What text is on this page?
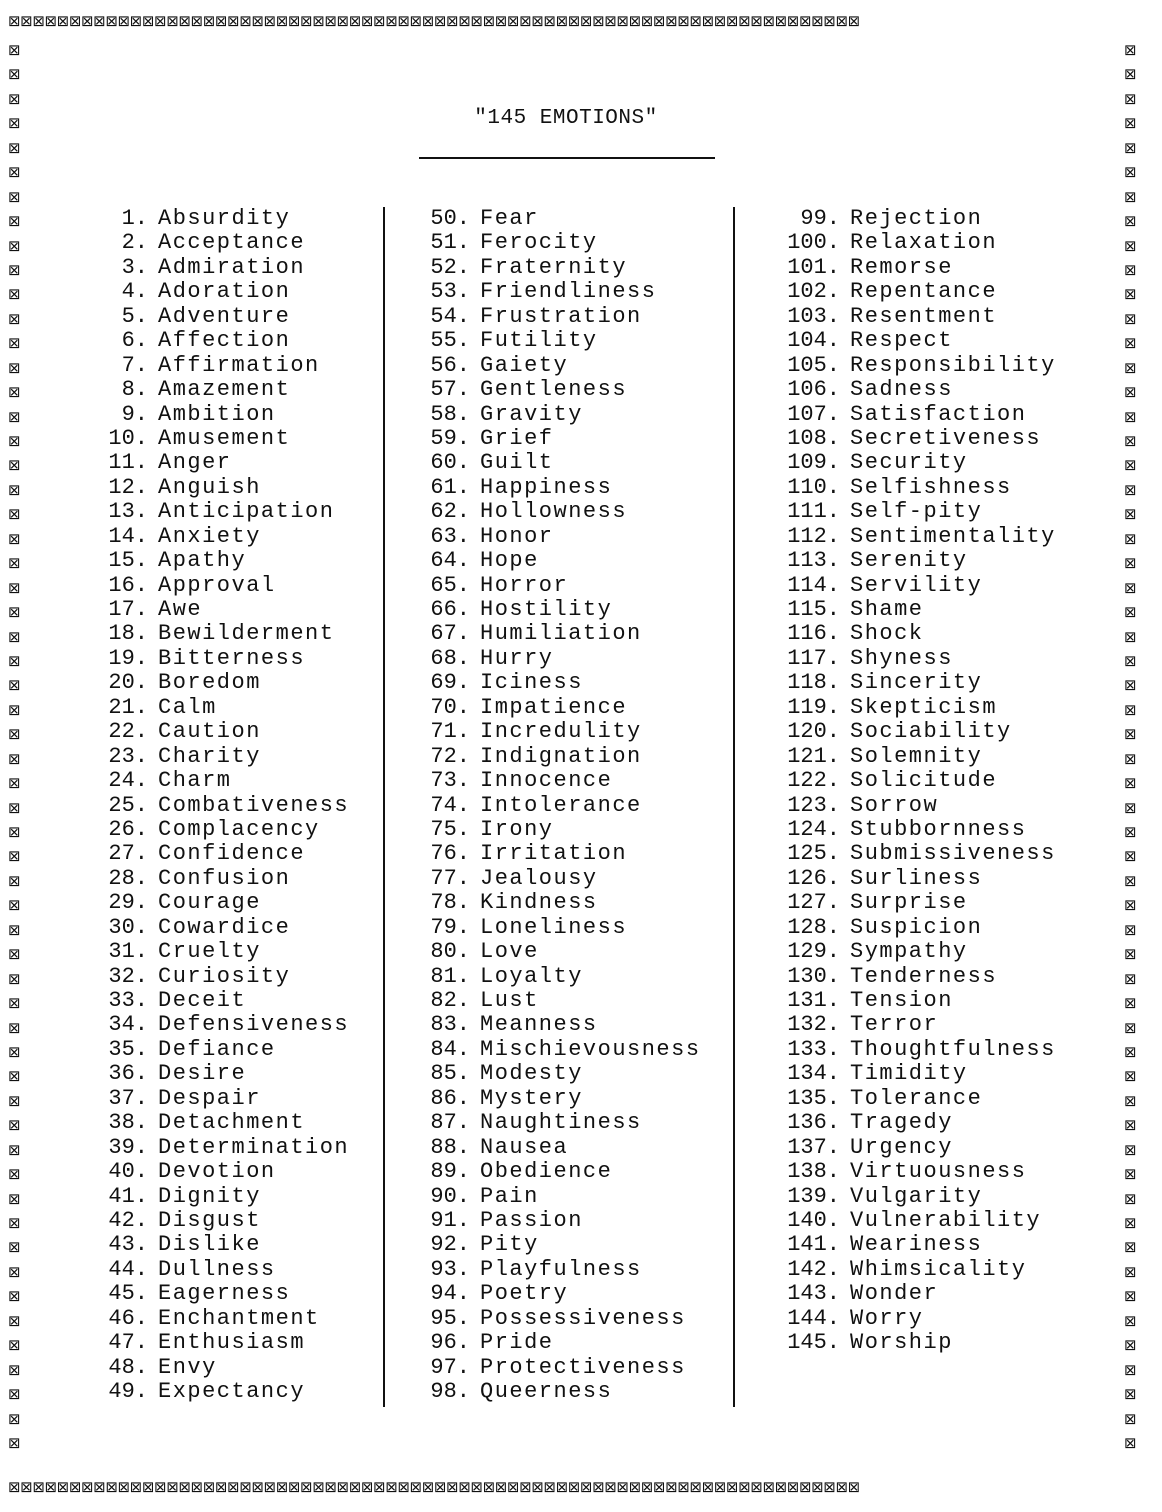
⊠⊠⊠⊠⊠⊠⊠⊠⊠⊠⊠⊠⊠⊠⊠⊠⊠⊠⊠⊠⊠⊠⊠⊠⊠⊠⊠⊠⊠⊠⊠⊠⊠⊠⊠⊠⊠⊠⊠⊠⊠⊠⊠⊠⊠⊠⊠⊠⊠⊠⊠⊠⊠⊠⊠⊠⊠⊠⊠⊠⊠⊠⊠⊠⊠⊠⊠⊠⊠⊠
⊠
⊠
⊠
⊠
⊠
⊠
⊠
⊠
⊠
⊠
⊠
⊠
⊠
⊠
⊠
⊠
⊠
⊠
⊠
⊠
⊠
⊠
⊠
⊠
⊠
⊠
⊠
⊠
⊠
⊠
⊠
⊠
⊠
⊠
⊠
⊠
⊠
⊠
⊠
⊠
⊠
⊠
⊠
⊠
⊠
⊠
⊠
⊠
⊠
⊠
⊠
⊠
⊠
⊠
⊠
⊠
⊠
⊠
⊠
⊠
⊠
⊠
⊠
⊠
⊠
⊠
⊠
⊠
⊠
⊠
⊠
⊠
⊠
⊠
⊠
⊠
⊠
⊠
⊠
⊠
⊠
⊠
⊠
⊠
⊠
⊠
⊠
⊠
⊠
⊠
⊠
⊠
⊠
⊠
⊠
⊠
⊠
⊠
⊠
⊠
⊠
⊠
⊠
⊠
⊠
⊠
⊠
⊠
⊠
⊠
⊠
⊠
⊠
⊠
⊠
⊠
⊠⊠⊠⊠⊠⊠⊠⊠⊠⊠⊠⊠⊠⊠⊠⊠⊠⊠⊠⊠⊠⊠⊠⊠⊠⊠⊠⊠⊠⊠⊠⊠⊠⊠⊠⊠⊠⊠⊠⊠⊠⊠⊠⊠⊠⊠⊠⊠⊠⊠⊠⊠⊠⊠⊠⊠⊠⊠⊠⊠⊠⊠⊠⊠⊠⊠⊠⊠⊠⊠
"145 EMOTIONS"
1. Absurdity
2. Acceptance
3. Admiration
4. Adoration
5. Adventure
6. Affection
7. Affirmation
8. Amazement
9. Ambition
10. Amusement
11. Anger
12. Anguish
13. Anticipation
14. Anxiety
15. Apathy
16. Approval
17. Awe
18. Bewilderment
19. Bitterness
20. Boredom
21. Calm
22. Caution
23. Charity
24. Charm
25. Combativeness
26. Complacency
27. Confidence
28. Confusion
29. Courage
30. Cowardice
31. Cruelty
32. Curiosity
33. Deceit
34. Defensiveness
35. Defiance
36. Desire
37. Despair
38. Detachment
39. Determination
40. Devotion
41. Dignity
42. Disgust
43. Dislike
44. Dullness
45. Eagerness
46. Enchantment
47. Enthusiasm
48. Envy
49. Expectancy
50. Fear
51. Ferocity
52. Fraternity
53. Friendliness
54. Frustration
55. Futility
56. Gaiety
57. Gentleness
58. Gravity
59. Grief
60. Guilt
61. Happiness
62. Hollowness
63. Honor
64. Hope
65. Horror
66. Hostility
67. Humiliation
68. Hurry
69. Iciness
70. Impatience
71. Incredulity
72. Indignation
73. Innocence
74. Intolerance
75. Irony
76. Irritation
77. Jealousy
78. Kindness
79. Loneliness
80. Love
81. Loyalty
82. Lust
83. Meanness
84. Mischievousness
85. Modesty
86. Mystery
87. Naughtiness
88. Nausea
89. Obedience
90. Pain
91. Passion
92. Pity
93. Playfulness
94. Poetry
95. Possessiveness
96. Pride
97. Protectiveness
98. Queerness
99. Rejection
100. Relaxation
101. Remorse
102. Repentance
103. Resentment
104. Respect
105. Responsibility
106. Sadness
107. Satisfaction
108. Secretiveness
109. Security
110. Selfishness
111. Self-pity
112. Sentimentality
113. Serenity
114. Servility
115. Shame
116. Shock
117. Shyness
118. Sincerity
119. Skepticism
120. Sociability
121. Solemnity
122. Solicitude
123. Sorrow
124. Stubbornness
125. Submissiveness
126. Surliness
127. Surprise
128. Suspicion
129. Sympathy
130. Tenderness
131. Tension
132. Terror
133. Thoughtfulness
134. Timidity
135. Tolerance
136. Tragedy
137. Urgency
138. Virtuousness
139. Vulgarity
140. Vulnerability
141. Weariness
142. Whimsicality
143. Wonder
144. Worry
145. Worship
